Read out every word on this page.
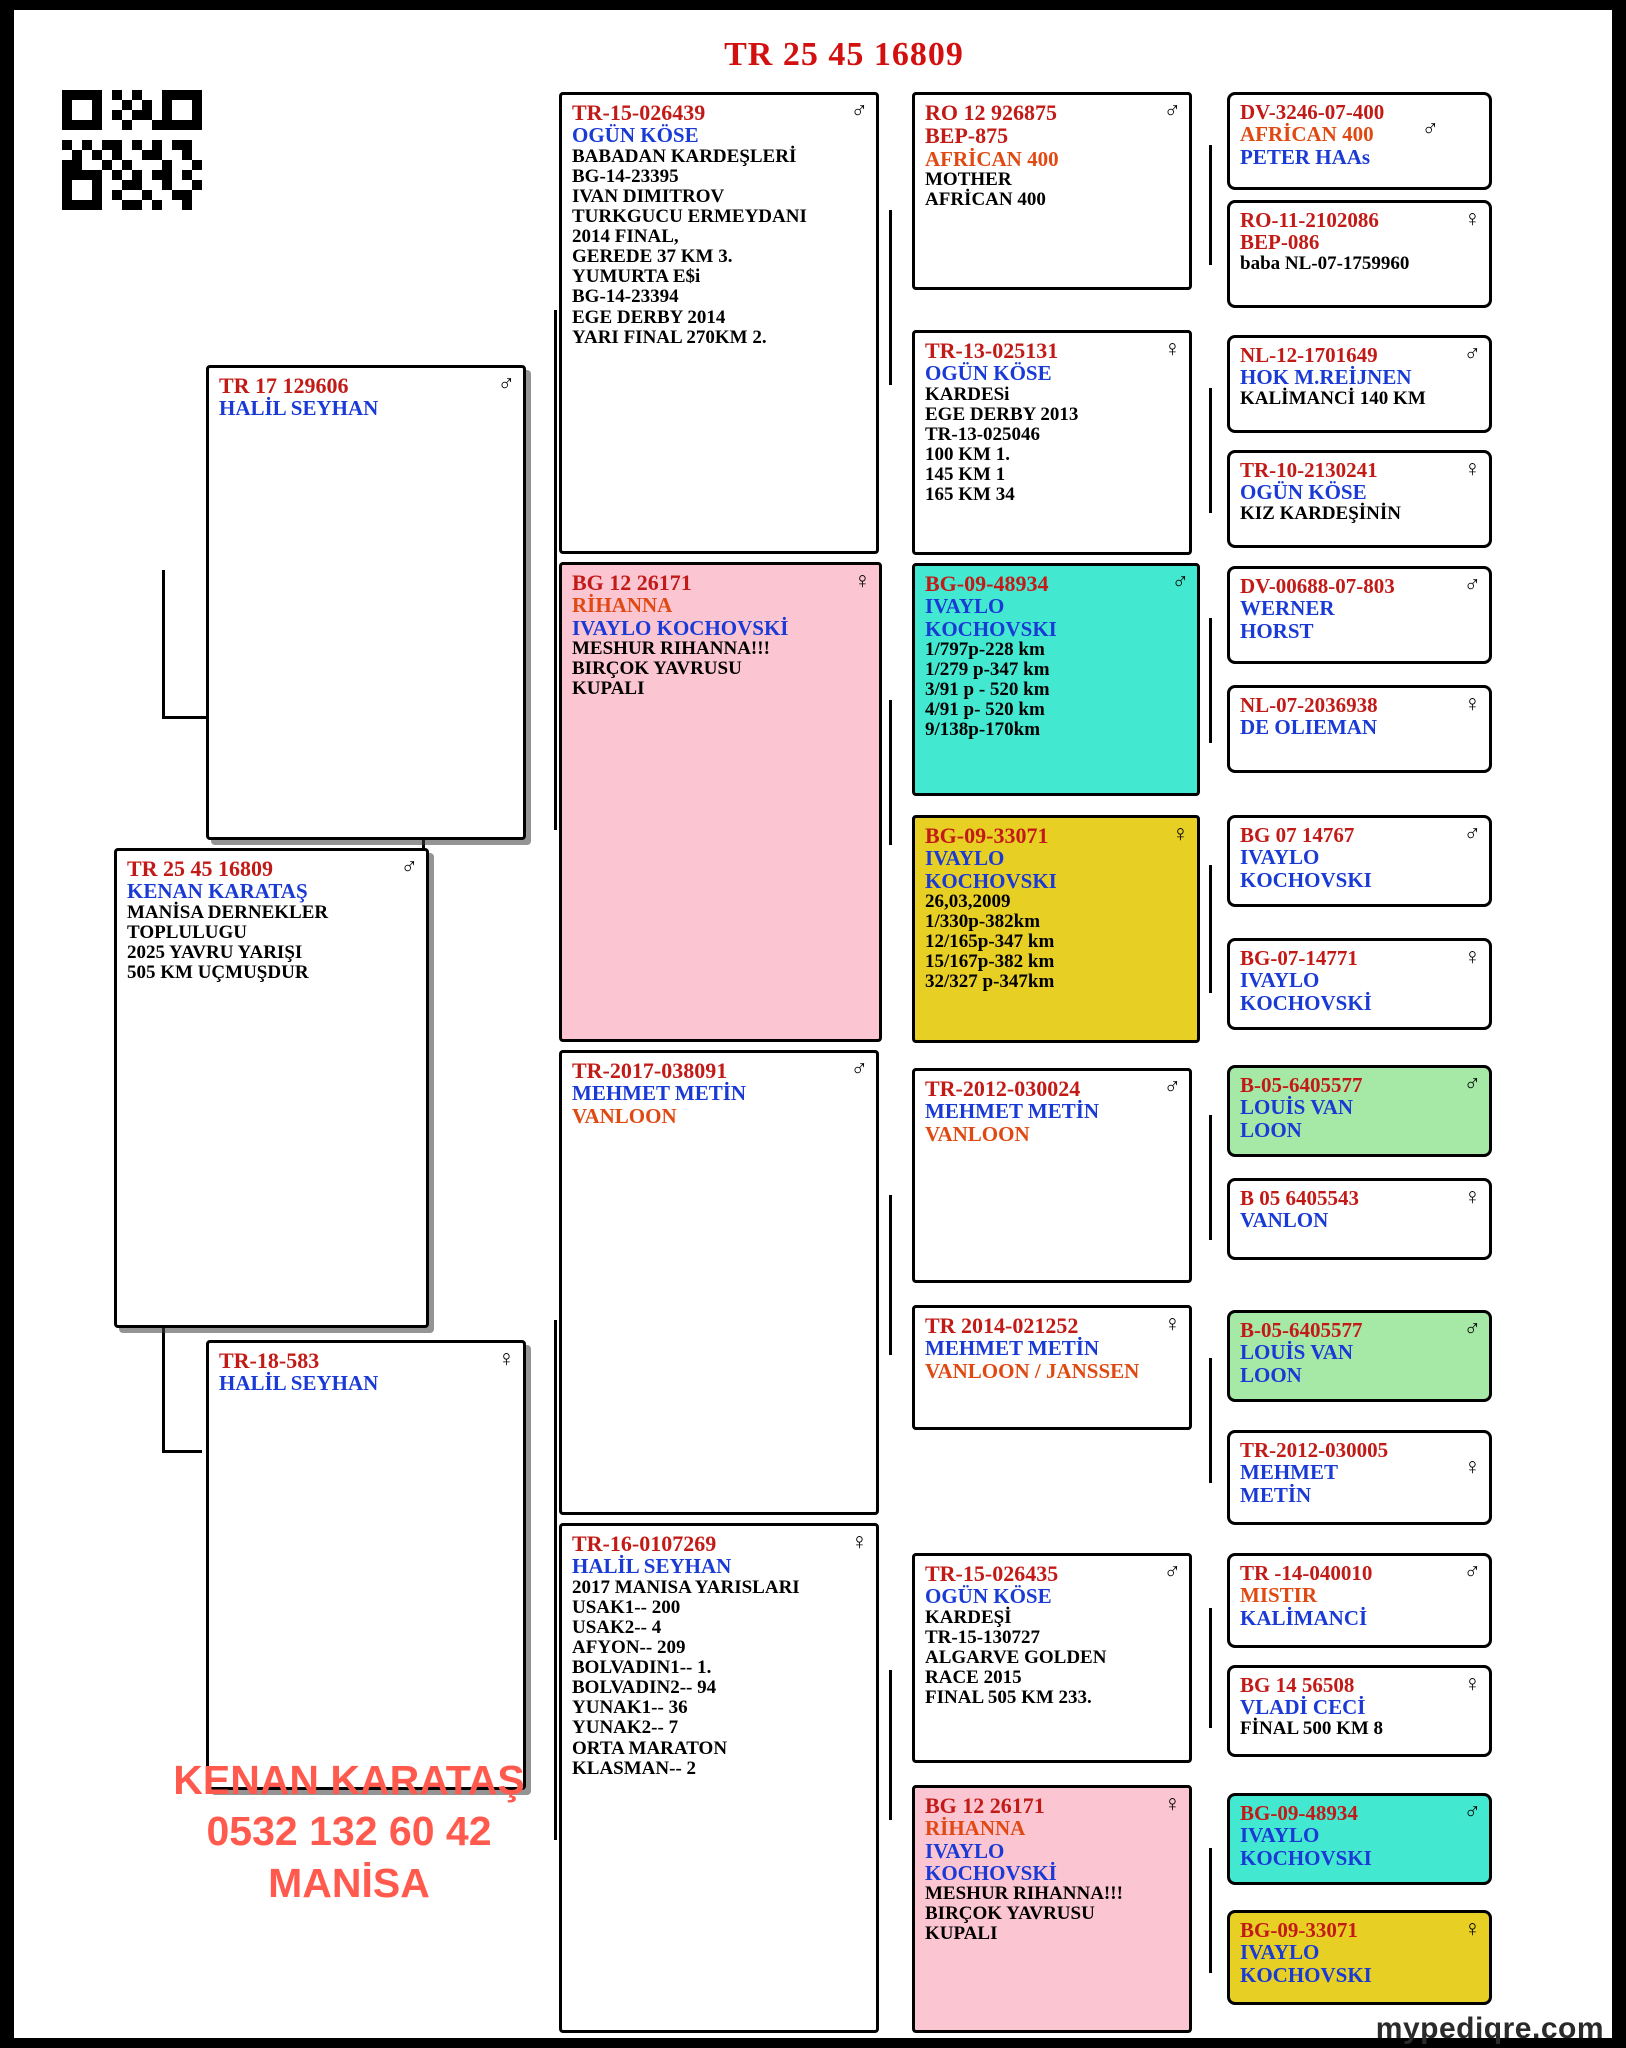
TR 25 45 16809
♂
TR 25 45 16809
KENAN KARATAŞ
MANİSA DERNEKLER
TOPLULUGU
2025 YAVRU YARIŞI
505 KM UÇMUŞDUR
♂
TR 17 129606
HALİL SEYHAN
♀
TR-18-583
HALİL SEYHAN
♂
TR-15-026439
OGÜN KÖSE
BABADAN KARDEŞLERİ
BG-14-23395
IVAN DIMITROV
TURKGUCU ERMEYDANI
2014 FINAL,
GEREDE 37 KM 3.
YUMURTA E$i
BG-14-23394
EGE DERBY 2014
YARI FINAL 270KM 2.
♀
BG 12 26171
RİHANNA
IVAYLO KOCHOVSKİ
MESHUR RIHANNA!!!
BIRÇOK YAVRUSU
KUPALI
♂
TR-2017-038091
MEHMET METİN
VANLOON
♀
TR-16-0107269
HALİL SEYHAN
2017 MANISA YARISLARI
USAK1-- 200
USAK2-- 4
AFYON-- 209
BOLVADIN1-- 1.
BOLVADIN2-- 94
YUNAK1-- 36
YUNAK2-- 7
ORTA MARATON
KLASMAN-- 2
♂
RO 12 926875
BEP-875
AFRİCAN 400
MOTHER
AFRİCAN 400
♀
TR-13-025131
OGÜN KÖSE
KARDESi
EGE DERBY 2013
TR-13-025046
100 KM 1.
145 KM 1
165 KM 34
♂
BG-09-48934
IVAYLO
KOCHOVSKI
1/797p-228 km
1/279 p-347 km
3/91 p - 520 km
4/91 p- 520 km
9/138p-170km
♀
BG-09-33071
IVAYLO
KOCHOVSKI
26,03,2009
1/330p-382km
12/165p-347 km
15/167p-382 km
32/327 p-347km
♂
TR-2012-030024
MEHMET METİN
VANLOON
♀
TR 2014-021252
MEHMET METİN
VANLOON / JANSSEN
♂
TR-15-026435
OGÜN KÖSE
KARDEŞİ
TR-15-130727
ALGARVE GOLDEN
RACE 2015
FINAL 505 KM 233.
♀
BG 12 26171
RİHANNA
IVAYLO
KOCHOVSKİ
MESHUR RIHANNA!!!
BIRÇOK YAVRUSU
KUPALI
♂
DV-3246-07-400
AFRİCAN 400
PETER HAAs
♀
RO-11-2102086
BEP-086
baba NL-07-1759960
♂
NL-12-1701649
HOK M.REİJNEN
KALİMANCİ 140 KM
♀
TR-10-2130241
OGÜN KÖSE
KIZ KARDEŞİNİN
♂
DV-00688-07-803
WERNER
HORST
♀
NL-07-2036938
DE OLIEMAN
♂
BG 07 14767
IVAYLO
KOCHOVSKI
♀
BG-07-14771
IVAYLO
KOCHOVSKİ
♂
B-05-6405577
LOUİS VAN
LOON
♀
B 05 6405543
VANLON
♂
B-05-6405577
LOUİS VAN
LOON
♀
TR-2012-030005
MEHMET
METİN
♂
TR -14-040010
MISTIR
KALİMANCİ
♀
BG 14 56508
VLADİ CECİ
FİNAL 500 KM 8
♂
BG-09-48934
IVAYLO
KOCHOVSKI
♀
BG-09-33071
IVAYLO
KOCHOVSKI
KENAN KARATAŞ
0532 132 60 42
MANİSA
mypediqre.com
